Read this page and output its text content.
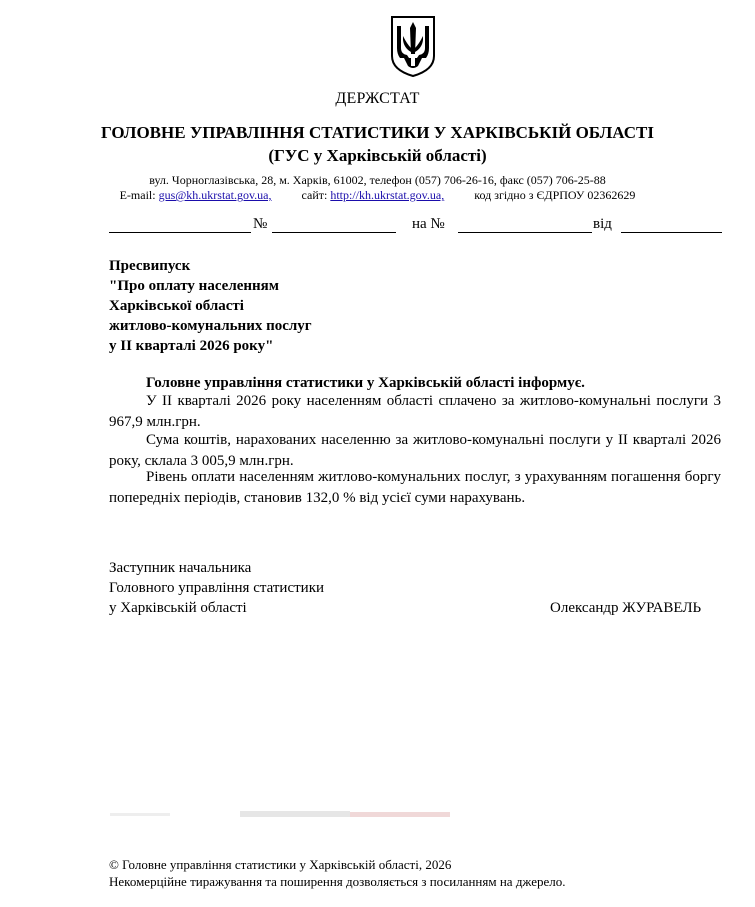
ДЕРЖСТАТ
ГОЛОВНЕ УПРАВЛІННЯ СТАТИСТИКИ У ХАРКІВСЬКІЙ ОБЛАСТІ
(ГУС у Харківській області)
вул. Чорноглазівська, 28, м. Харків, 61002, телефон (057) 706-26-16, факс (057) 706-25-88
E-mail: gus@kh.ukrstat.gov.ua,	сайт: http://kh.ukrstat.gov.ua,	код згідно з ЄДРПОУ 02362629
№	на №	від
Пресвипуск
"Про оплату населенням
Харківської області
житлово-комунальних послуг
у ІІ кварталі 2026 року"
Головне управління статистики у Харківській області інформує.
У ІІ кварталі 2026 року населенням області сплачено за житлово-комунальні послуги 3 967,9 млн.грн.
Сума коштів, нарахованих населенню за житлово-комунальні послуги у ІІ кварталі 2026 року, склала 3 005,9 млн.грн.
Рівень оплати населенням житлово-комунальних послуг, з урахуванням погашення боргу попередніх періодів, становив 132,0 % від усієї суми нарахувань.
Заступник начальника
Головного управління статистики
у Харківській області	Олександр ЖУРАВЕЛЬ
© Головне управління статистики у Харківській області, 2026
Некомерційне тиражування та поширення дозволяється з посиланням на джерело.
